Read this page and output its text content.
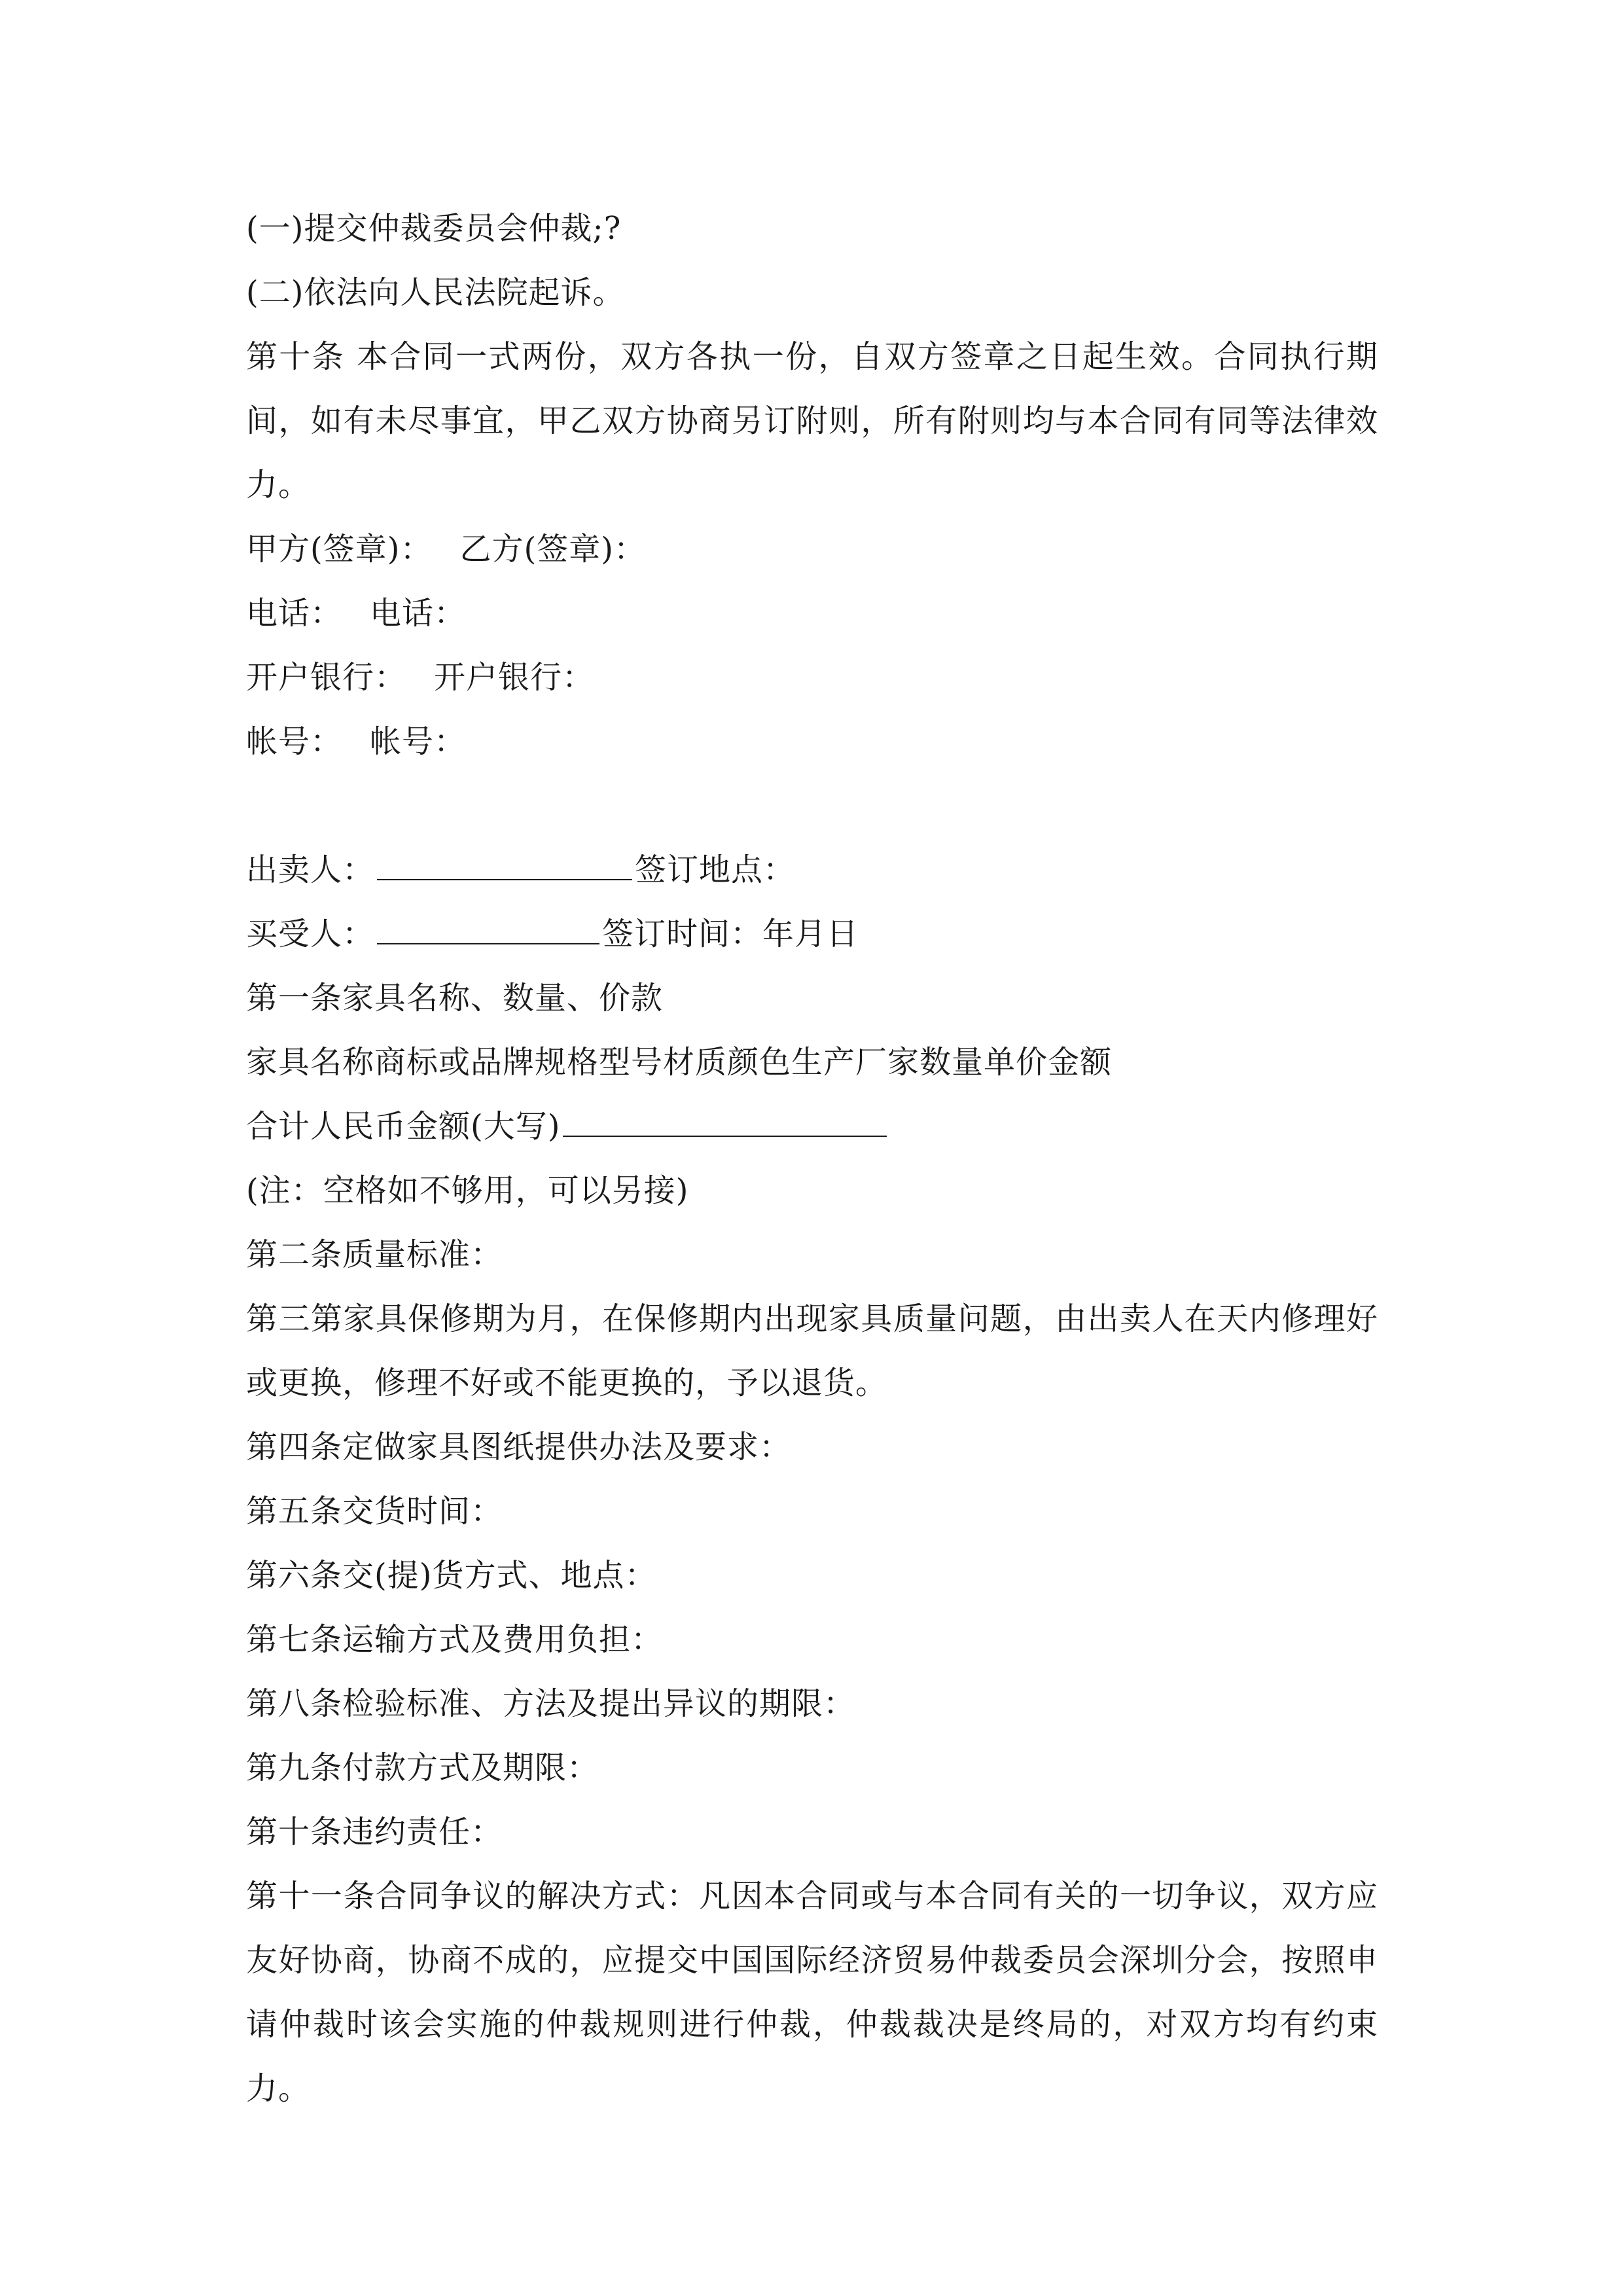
(一)提交仲裁委员会仲裁;?
(二)依法向人民法院起诉。
第十条 本合同一式两份，双方各执一份，自双方签章之日起生效。合同执行期间，如有未尽事宜，甲乙双方协商另订附则，所有附则均与本合同有同等法律效力。
甲方(签章)： 乙方(签章)：
电话： 电话：
开户银行： 开户银行：
帐号： 帐号：
出卖人：	签订地点：
买受人：	签订时间：年月日
第一条家具名称、数量、价款
家具名称商标或品牌规格型号材质颜色生产厂家数量单价金额
合计人民币金额(大写)
(注：空格如不够用，可以另接)
第二条质量标准：
第三第家具保修期为月，在保修期内出现家具质量问题，由出卖人在天内修理好或更换，修理不好或不能更换的，予以退货。
第四条定做家具图纸提供办法及要求：
第五条交货时间：
第六条交(提)货方式、地点：
第七条运输方式及费用负担：
第八条检验标准、方法及提出异议的期限：
第九条付款方式及期限：
第十条违约责任：
第十一条合同争议的解决方式：凡因本合同或与本合同有关的一切争议，双方应友好协商，协商不成的，应提交中国国际经济贸易仲裁委员会深圳分会，按照申请仲裁时该会实施的仲裁规则进行仲裁，仲裁裁决是终局的，对双方均有约束力。
